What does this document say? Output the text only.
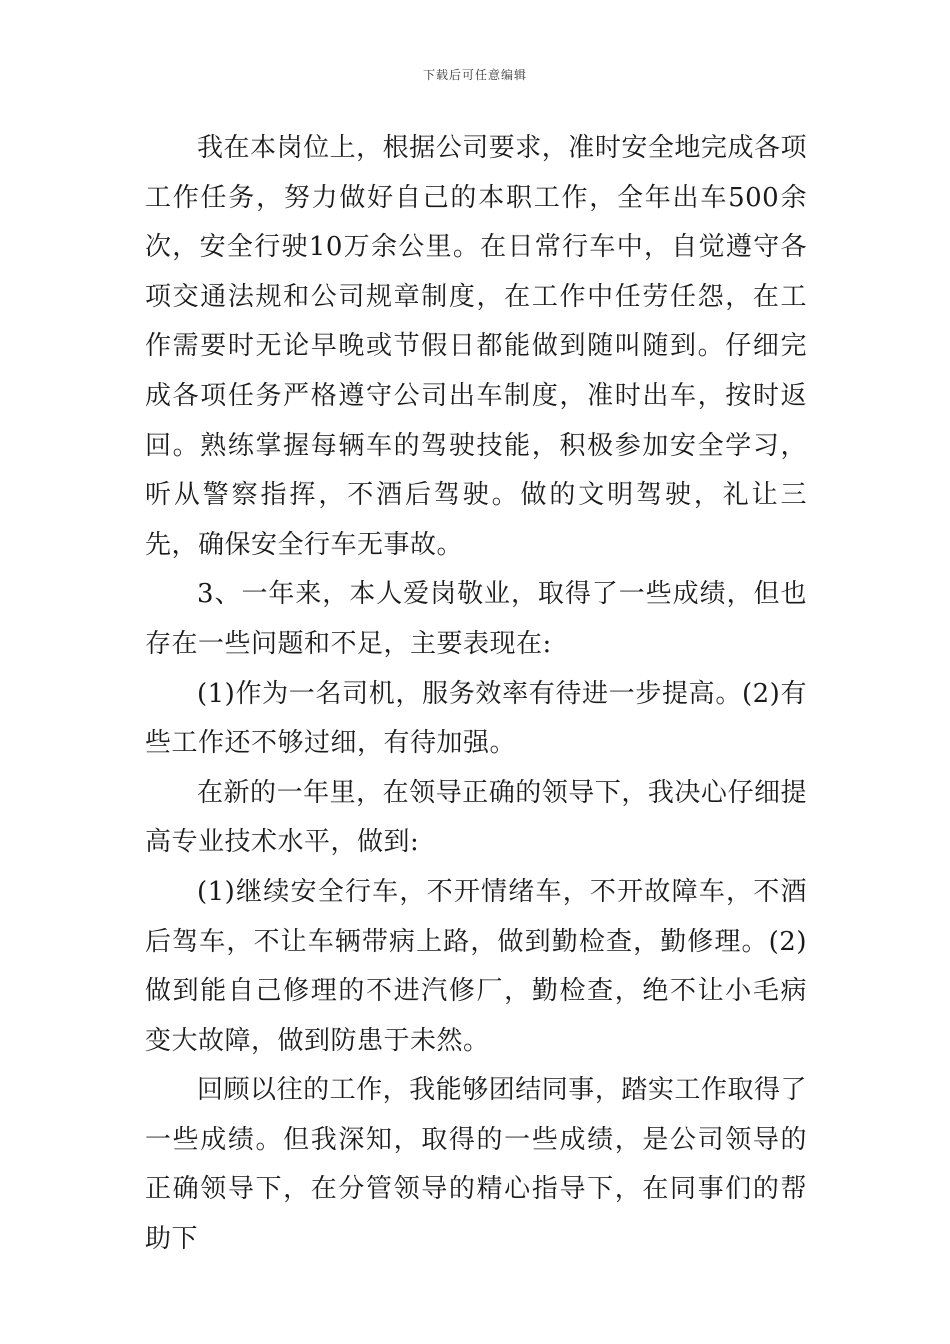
下载后可任意编辑

我在本岗位上，根据公司要求，准时安全地完成各项工作任务，努力做好自己的本职工作，全年出车500余次，安全行驶10万余公里。在日常行车中，自觉遵守各项交通法规和公司规章制度，在工作中任劳任怨，在工作需要时无论早晚或节假日都能做到随叫随到。仔细完成各项任务严格遵守公司出车制度，准时出车，按时返回。熟练掌握每辆车的驾驶技能，积极参加安全学习，听从警察指挥，不酒后驾驶。做的文明驾驶，礼让三先，确保安全行车无事故。

3、一年来，本人爱岗敬业，取得了一些成绩，但也存在一些问题和不足，主要表现在:

(1)作为一名司机，服务效率有待进一步提高。(2)有些工作还不够过细，有待加强。

在新的一年里，在领导正确的领导下，我决心仔细提高专业技术水平，做到:

(1)继续安全行车，不开情绪车，不开故障车，不酒后驾车，不让车辆带病上路，做到勤检查，勤修理。(2)做到能自己修理的不进汽修厂，勤检查，绝不让小毛病变大故障，做到防患于未然。

回顾以往的工作，我能够团结同事，踏实工作取得了一些成绩。但我深知，取得的一些成绩，是公司领导的正确领导下，在分管领导的精心指导下，在同事们的帮助下
